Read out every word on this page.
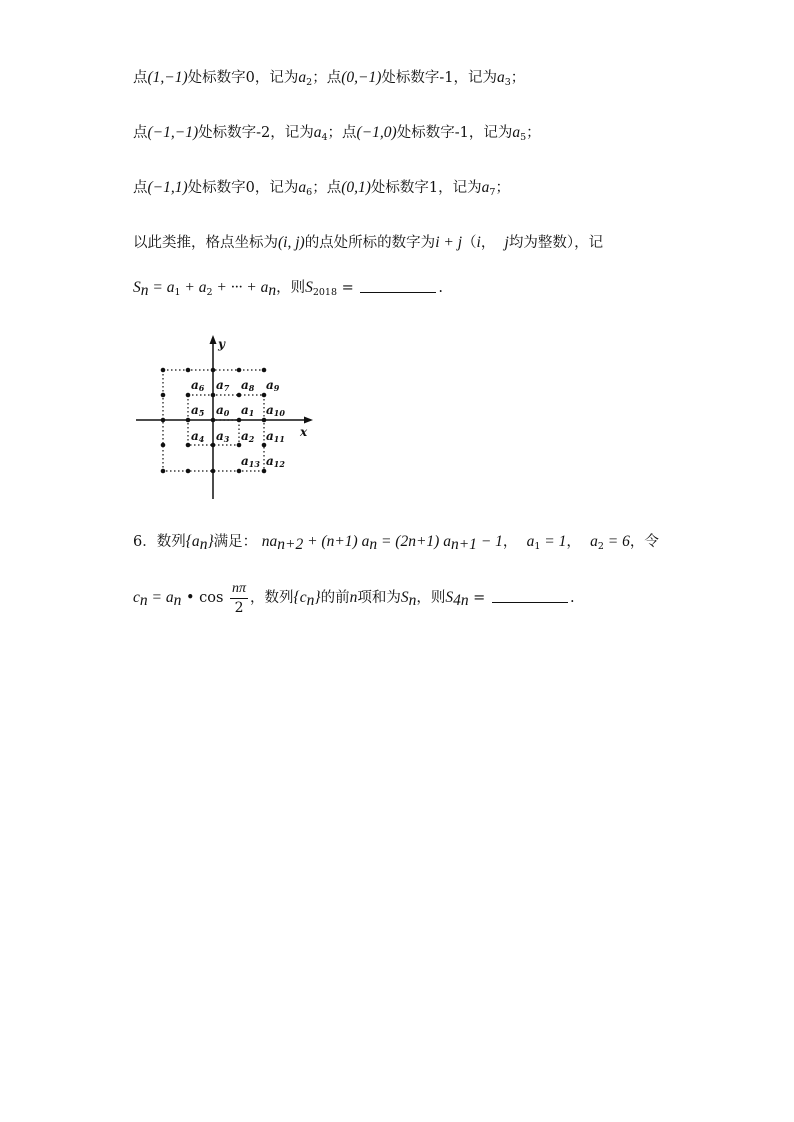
点(1,−1)处标数字0，记为$a_2$；点(0,−1)处标数字-1，记为$a_3$；
点(−1,−1)处标数字-2，记为$a_4$；点(−1,0)处标数字-1，记为$a_5$；
点(−1,1)处标数字0，记为$a_6$；点(0,1)处标数字1，记为$a_7$；
以此类推，格点坐标为(i, j)的点处所标的数字为i + j（i， j均为整数），记
$S_n = a_1 + a_2$ + ··· + $a_n$，则$S_{2018}$ =	.
y
x
a6 a7 a8 a9
a5 a0 a1 a10
a4 a3 a2 a11
a13 a12
6．数列$\{a_n\}$满足： $na_{n+2} + (n+1) a_n = (2n+1) a_{n+1} - 1$， $a_1 = 1$， $a_2 = 6$，令
$c_n = a_n$ • $\cos \frac{n\pi}{2}$ ，数列$\{c_n\}$的前n项和为$S_n$，则$S_{4n}$ =	.
